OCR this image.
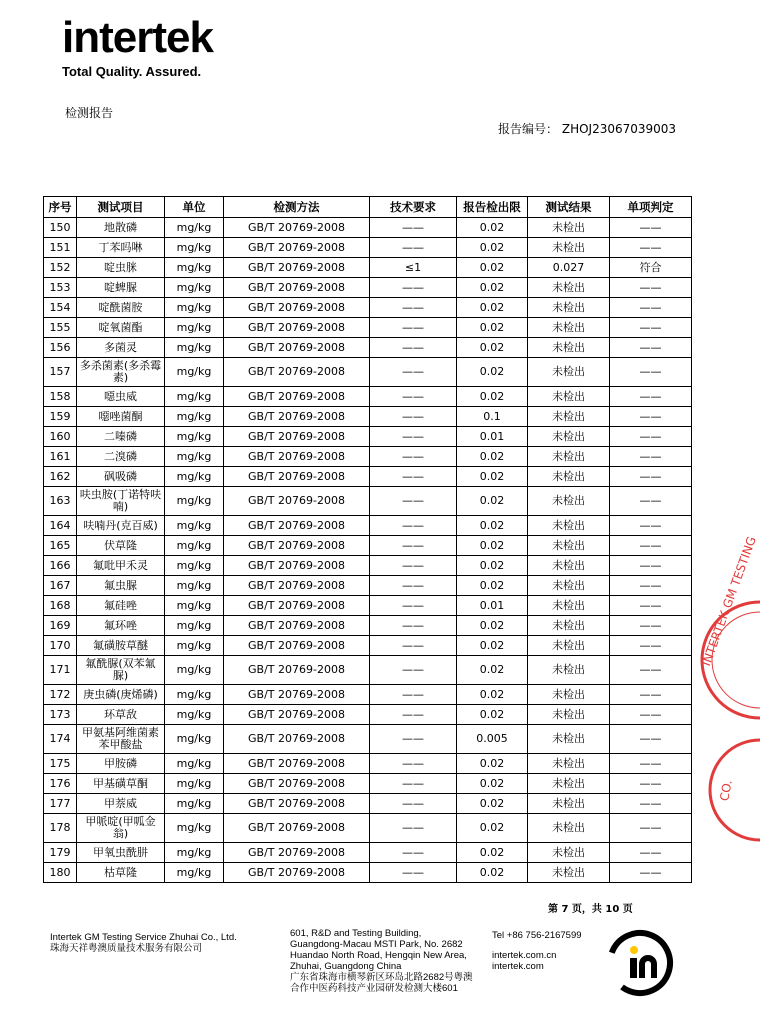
intertek
Total Quality. Assured.
检测报告
报告编号： ZHOJ23067039003
序号	测试项目	单位	检测方法	技术要求	报告检出限	测试结果	单项判定
150	地散磷	mg/kg	GB/T 20769-2008	——	0.02	未检出	——
151	丁苯吗啉	mg/kg	GB/T 20769-2008	——	0.02	未检出	——
152	啶虫脒	mg/kg	GB/T 20769-2008	≤1	0.02	0.027	符合
153	啶蜱脲	mg/kg	GB/T 20769-2008	——	0.02	未检出	——
154	啶酰菌胺	mg/kg	GB/T 20769-2008	——	0.02	未检出	——
155	啶氧菌酯	mg/kg	GB/T 20769-2008	——	0.02	未检出	——
156	多菌灵	mg/kg	GB/T 20769-2008	——	0.02	未检出	——
157	多杀菌素(多杀霉素)	mg/kg	GB/T 20769-2008	——	0.02	未检出	——
158	噁虫威	mg/kg	GB/T 20769-2008	——	0.02	未检出	——
159	噁唑菌酮	mg/kg	GB/T 20769-2008	——	0.1	未检出	——
160	二嗪磷	mg/kg	GB/T 20769-2008	——	0.01	未检出	——
161	二溴磷	mg/kg	GB/T 20769-2008	——	0.02	未检出	——
162	砜吸磷	mg/kg	GB/T 20769-2008	——	0.02	未检出	——
163	呋虫胺(丁诺特呋喃)	mg/kg	GB/T 20769-2008	——	0.02	未检出	——
164	呋喃丹(克百威)	mg/kg	GB/T 20769-2008	——	0.02	未检出	——
165	伏草隆	mg/kg	GB/T 20769-2008	——	0.02	未检出	——
166	氟吡甲禾灵	mg/kg	GB/T 20769-2008	——	0.02	未检出	——
167	氟虫脲	mg/kg	GB/T 20769-2008	——	0.02	未检出	——
168	氟硅唑	mg/kg	GB/T 20769-2008	——	0.01	未检出	——
169	氟环唑	mg/kg	GB/T 20769-2008	——	0.02	未检出	——
170	氟磺胺草醚	mg/kg	GB/T 20769-2008	——	0.02	未检出	——
171	氟酰脲(双苯氟脲)	mg/kg	GB/T 20769-2008	——	0.02	未检出	——
172	庚虫磷(庚烯磷)	mg/kg	GB/T 20769-2008	——	0.02	未检出	——
173	环草敌	mg/kg	GB/T 20769-2008	——	0.02	未检出	——
174	甲氨基阿维菌素苯甲酸盐	mg/kg	GB/T 20769-2008	——	0.005	未检出	——
175	甲胺磷	mg/kg	GB/T 20769-2008	——	0.02	未检出	——
176	甲基磺草酮	mg/kg	GB/T 20769-2008	——	0.02	未检出	——
177	甲萘威	mg/kg	GB/T 20769-2008	——	0.02	未检出	——
178	甲哌啶(甲呱金翁)	mg/kg	GB/T 20769-2008	——	0.02	未检出	——
179	甲氧虫酰肼	mg/kg	GB/T 20769-2008	——	0.02	未检出	——
180	枯草隆	mg/kg	GB/T 20769-2008	——	0.02	未检出	——
第 7 页，共 10 页
Intertek GM Testing Service Zhuhai Co., Ltd.
珠海天祥粤澳质量技术服务有限公司
601, R&D and Testing Building,
Guangdong-Macau MSTI Park, No. 2682
Huandao North Road, Hengqin New Area,
Zhuhai, Guangdong China
广东省珠海市横琴新区环岛北路2682号粤澳
合作中医药科技产业园研发检测大楼601
Tel +86 756-2167599
intertek.com.cn
intertek.com
INTERTEK GM TESTING
CO.
